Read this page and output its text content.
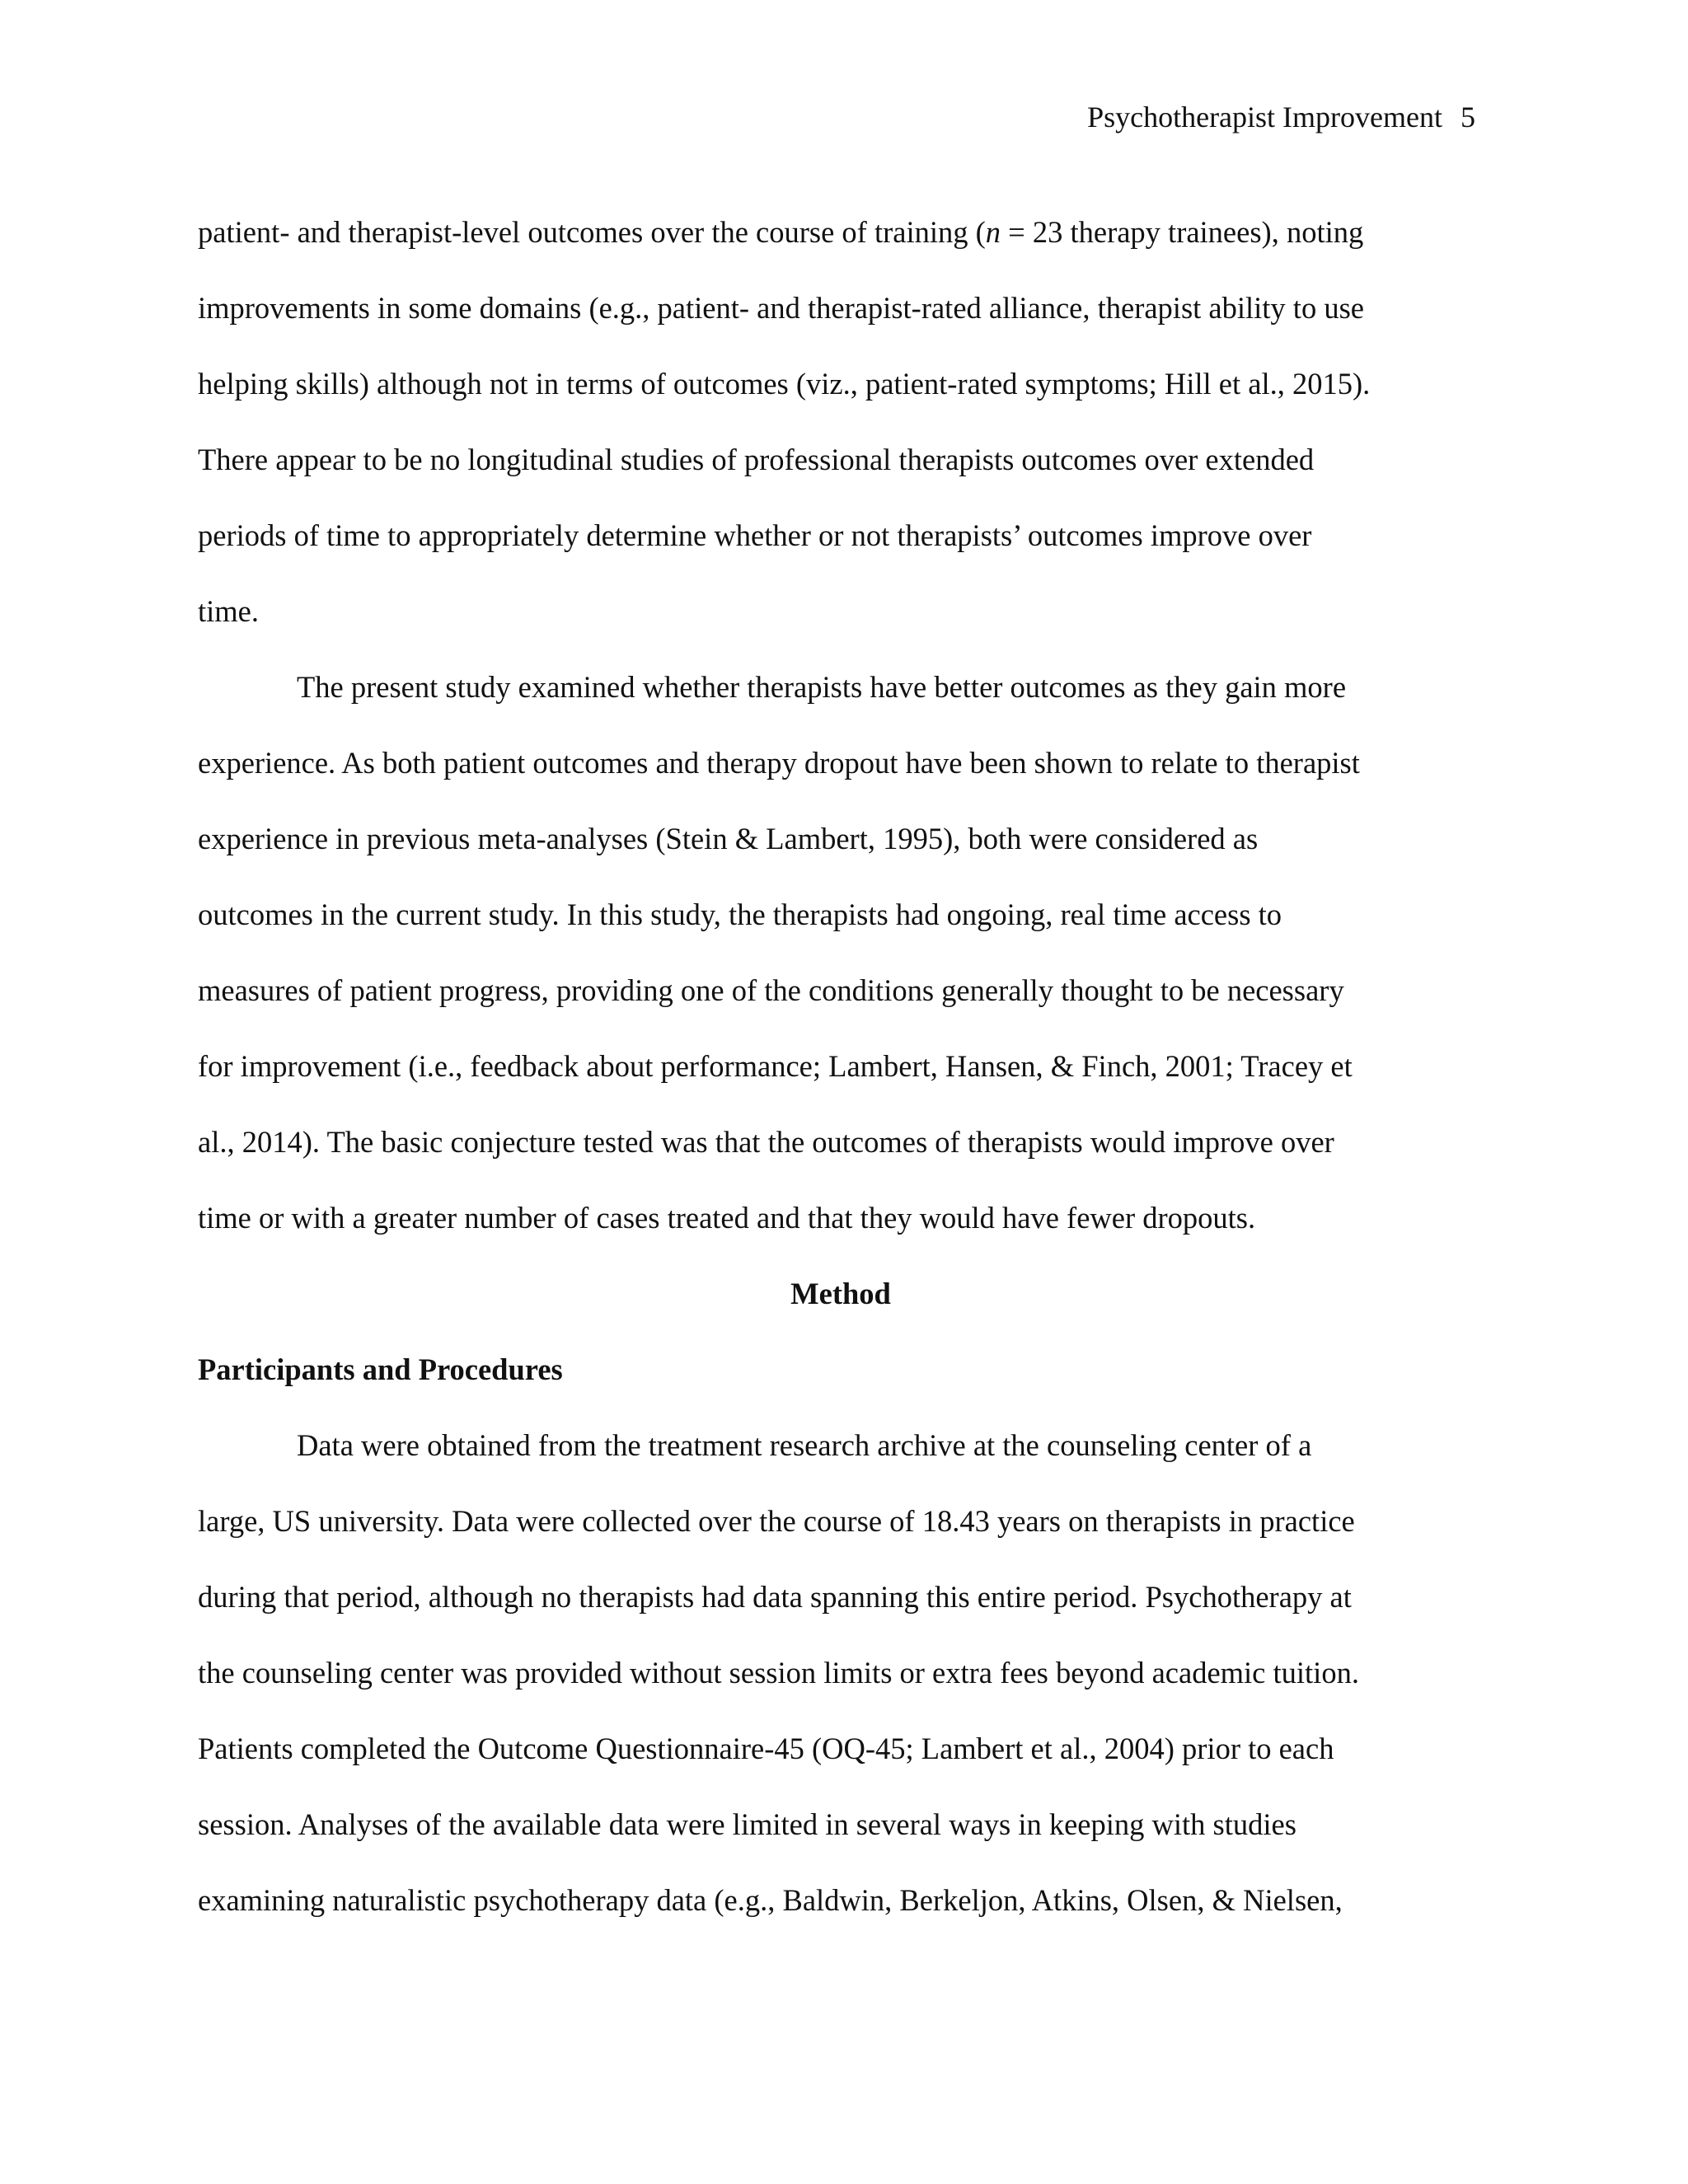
Psychotherapist Improvement 5
patient- and therapist-level outcomes over the course of training (n = 23 therapy trainees), noting
improvements in some domains (e.g., patient- and therapist-rated alliance, therapist ability to use
helping skills) although not in terms of outcomes (viz., patient-rated symptoms; Hill et al., 2015).
There appear to be no longitudinal studies of professional therapists outcomes over extended
periods of time to appropriately determine whether or not therapists’ outcomes improve over
time.
The present study examined whether therapists have better outcomes as they gain more
experience. As both patient outcomes and therapy dropout have been shown to relate to therapist
experience in previous meta-analyses (Stein & Lambert, 1995), both were considered as
outcomes in the current study. In this study, the therapists had ongoing, real time access to
measures of patient progress, providing one of the conditions generally thought to be necessary
for improvement (i.e., feedback about performance; Lambert, Hansen, & Finch, 2001; Tracey et
al., 2014). The basic conjecture tested was that the outcomes of therapists would improve over
time or with a greater number of cases treated and that they would have fewer dropouts.
Method
Participants and Procedures
Data were obtained from the treatment research archive at the counseling center of a
large, US university. Data were collected over the course of 18.43 years on therapists in practice
during that period, although no therapists had data spanning this entire period. Psychotherapy at
the counseling center was provided without session limits or extra fees beyond academic tuition.
Patients completed the Outcome Questionnaire-45 (OQ-45; Lambert et al., 2004) prior to each
session. Analyses of the available data were limited in several ways in keeping with studies
examining naturalistic psychotherapy data (e.g., Baldwin, Berkeljon, Atkins, Olsen, & Nielsen,
